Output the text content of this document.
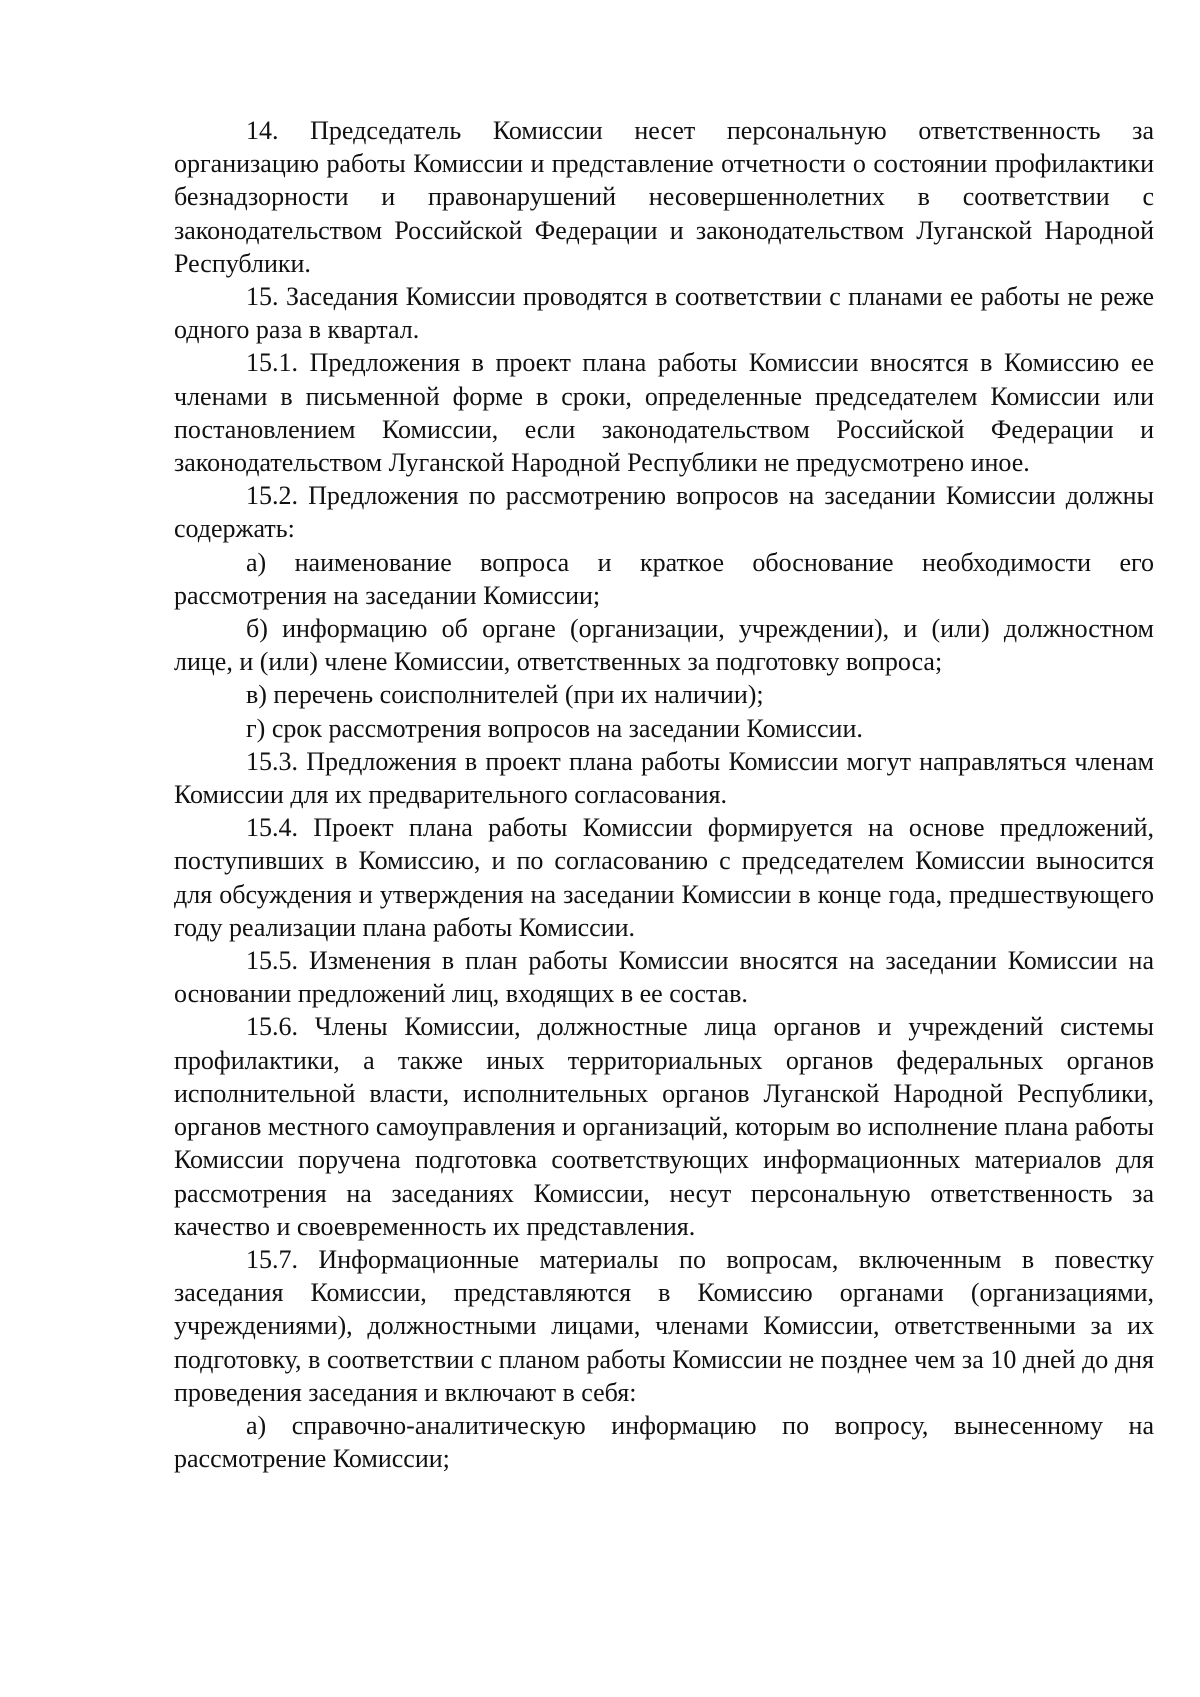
14. Председатель Комиссии несет персональную ответственность за организацию работы Комиссии и представление отчетности о состоянии профилактики безнадзорности и правонарушений несовершеннолетних в соответствии с законодательством Российской Федерации и законодательством Луганской Народной Республики.

15. Заседания Комиссии проводятся в соответствии с планами ее работы не реже одного раза в квартал.

15.1. Предложения в проект плана работы Комиссии вносятся в Комиссию ее членами в письменной форме в сроки, определенные председателем Комиссии или постановлением Комиссии, если законодательством Российской Федерации и законодательством Луганской Народной Республики не предусмотрено иное.

15.2. Предложения по рассмотрению вопросов на заседании Комиссии должны содержать:

а) наименование вопроса и краткое обоснование необходимости его рассмотрения на заседании Комиссии;

б) информацию об органе (организации, учреждении), и (или) должностном лице, и (или) члене Комиссии, ответственных за подготовку вопроса;

в) перечень соисполнителей (при их наличии);

г) срок рассмотрения вопросов на заседании Комиссии.

15.3. Предложения в проект плана работы Комиссии могут направляться членам Комиссии для их предварительного согласования.

15.4. Проект плана работы Комиссии формируется на основе предложений, поступивших в Комиссию, и по согласованию с председателем Комиссии выносится для обсуждения и утверждения на заседании Комиссии в конце года, предшествующего году реализации плана работы Комиссии.

15.5. Изменения в план работы Комиссии вносятся на заседании Комиссии на основании предложений лиц, входящих в ее состав.

15.6. Члены Комиссии, должностные лица органов и учреждений системы профилактики, а также иных территориальных органов федеральных органов исполнительной власти, исполнительных органов Луганской Народной Республики, органов местного самоуправления и организаций, которым во исполнение плана работы Комиссии поручена подготовка соответствующих информационных материалов для рассмотрения на заседаниях Комиссии, несут персональную ответственность за качество и своевременность их представления.

15.7. Информационные материалы по вопросам, включенным в повестку заседания Комиссии, представляются в Комиссию органами (организациями, учреждениями), должностными лицами, членами Комиссии, ответственными за их подготовку, в соответствии с планом работы Комиссии не позднее чем за 10 дней до дня проведения заседания и включают в себя:

а) справочно-аналитическую информацию по вопросу, вынесенному на рассмотрение Комиссии;
